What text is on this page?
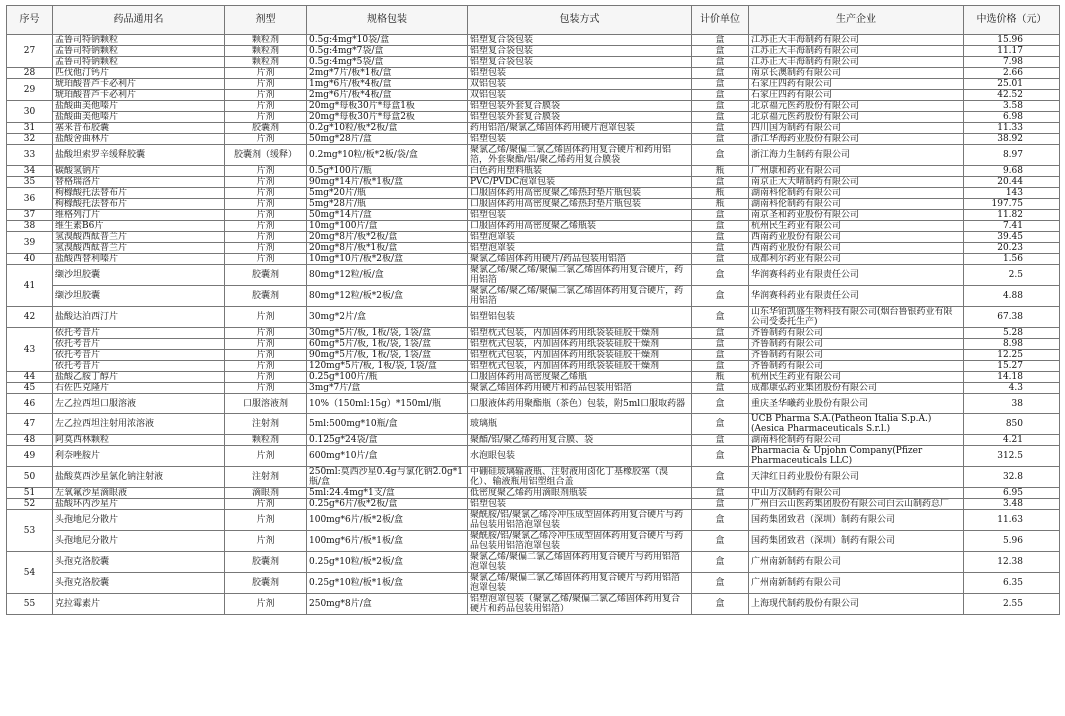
序号	药品通用名	剂型	规格包装	包装方式	计价单位	生产企业	中选价格（元）
27	孟鲁司特钠颗粒	颗粒剂	0.5g:4mg*10袋/盒	铝塑复合袋包装	盒	江苏正大丰海制药有限公司	15.96
	孟鲁司特钠颗粒	颗粒剂	0.5g:4mg*7袋/盒	铝塑复合袋包装	盒	江苏正大丰海制药有限公司	11.17
	孟鲁司特钠颗粒	颗粒剂	0.5g:4mg*5袋/盒	铝塑复合袋包装	盒	江苏正大丰海制药有限公司	7.98
28	匹伐他汀钙片	片剂	2mg*7片/板*1板/盒	铝塑包装	盒	南京长澳制药有限公司	2.66
29	琥珀酸普芦卡必利片	片剂	1mg*6片/板*4板/盒	双铝包装	盒	石家庄四药有限公司	25.01
	琥珀酸普芦卡必利片	片剂	2mg*6片/板*4板/盒	双铝包装	盒	石家庄四药有限公司	42.52
30	盐酸曲美他嗪片	片剂	20mg*每板30片*每盒1板	铝塑包装外套复合膜袋	盒	北京福元医药股份有限公司	3.58
	盐酸曲美他嗪片	片剂	20mg*每板30片*每盒2板	铝塑包装外套复合膜袋	盒	北京福元医药股份有限公司	6.98
31	塞来昔布胶囊	胶囊剂	0.2g*10粒/板*2板/盒	药用铝箔/聚氯乙烯固体药用硬片泡罩包装	盒	四川国为制药有限公司	11.33
32	盐酸舍曲林片	片剂	50mg*28片/盒	铝塑包装	盒	浙江华海药业股份有限公司	38.92
33	盐酸坦索罗辛缓释胶囊	胶囊剂（缓释）	0.2mg*10粒/板*2板/袋/盒	聚氯乙烯/聚偏二氯乙烯固体药用复合硬片和药用铝箔，外套聚酯/铝/聚乙烯药用复合膜袋	盒	浙江海力生制药有限公司	8.97
34	碳酸氢钠片	片剂	0.5g*100片/瓶	白色药用塑料瓶装	瓶	广州康和药业有限公司	9.68
35	替格瑞洛片	片剂	90mg*14片/板*1板/盒	PVC/PVDC泡罩包装	盒	南京正大天晴制药有限公司	20.44
36	枸橼酸托法替布片	片剂	5mg*20片/瓶	口服固体药用高密度聚乙烯热封垫片瓶包装	瓶	湖南科伦制药有限公司	143
	枸橼酸托法替布片	片剂	5mg*28片/瓶	口服固体药用高密度聚乙烯热封垫片瓶包装	瓶	湖南科伦制药有限公司	197.75
37	维格列汀片	片剂	50mg*14片/盒	铝塑包装	盒	南京圣和药业股份有限公司	11.82
38	维生素B6片	片剂	10mg*100片/盒	口服固体药用高密度聚乙烯瓶装	盒	杭州民生药业有限公司	7.41
39	氢溴酸西酞普兰片	片剂	20mg*8片/板*2板/盒	铝塑泡罩装	盒	西南药业股份有限公司	39.45
	氢溴酸西酞普兰片	片剂	20mg*8片/板*1板/盒	铝塑泡罩装	盒	西南药业股份有限公司	20.23
40	盐酸西替利嗪片	片剂	10mg*10片/板*2板/盒	聚氯乙烯固体药用硬片/药品包装用铝箔	盒	成都利尔药业有限公司	1.56
41	缬沙坦胶囊	胶囊剂	80mg*12粒/板/盒	聚氯乙烯/聚乙烯/聚偏二氯乙烯固体药用复合硬片，药用铝箔	盒	华润赛科药业有限责任公司	2.5
	缬沙坦胶囊	胶囊剂	80mg*12粒/板*2板/盒	聚氯乙烯/聚乙烯/聚偏二氯乙烯固体药用复合硬片，药用铝箔	盒	华润赛科药业有限责任公司	4.88
42	盐酸达泊西汀片	片剂	30mg*2片/盒	铝塑铝包装	盒	山东华铂凯盛生物科技有限公司(烟台鲁银药业有限公司受委托生产)	67.38
43	依托考昔片	片剂	30mg*5片/板, 1板/袋, 1袋/盒	铝塑枕式包装，内加固体药用纸袋装硅胶干燥剂	盒	齐鲁制药有限公司	5.28
	依托考昔片	片剂	60mg*5片/板, 1板/袋, 1袋/盒	铝塑枕式包装，内加固体药用纸袋装硅胶干燥剂	盒	齐鲁制药有限公司	8.98
	依托考昔片	片剂	90mg*5片/板, 1板/袋, 1袋/盒	铝塑枕式包装，内加固体药用纸袋装硅胶干燥剂	盒	齐鲁制药有限公司	12.25
	依托考昔片	片剂	120mg*5片/板, 1板/袋, 1袋/盒	铝塑枕式包装，内加固体药用纸袋装硅胶干燥剂	盒	齐鲁制药有限公司	15.27
44	盐酸乙胺丁醇片	片剂	0.25g*100片/瓶	口服固体药用高密度聚乙烯瓶	瓶	杭州民生药业有限公司	14.18
45	右佐匹克隆片	片剂	3mg*7片/盒	聚氯乙烯固体药用硬片和药品包装用铝箔	盒	成都康弘药业集团股份有限公司	4.3
46	左乙拉西坦口服溶液	口服溶液剂	10%（150ml:15g）*150ml/瓶	口服液体药用聚酯瓶（茶色）包装，附5ml口服取药器	盒	重庆圣华曦药业股份有限公司	38
47	左乙拉西坦注射用浓溶液	注射剂	5ml:500mg*10瓶/盒	玻璃瓶	盒	UCB Pharma S.A.(Patheon Italia S.p.A.)(Aesica Pharmaceuticals S.r.l.)	850
48	阿莫西林颗粒	颗粒剂	0.125g*24袋/盒	聚酯/铝/聚乙烯药用复合膜、袋	盒	湖南科伦制药有限公司	4.21
49	利奈唑胺片	片剂	600mg*10片/盒	水泡眼包装	盒	Pharmacia & Upjohn Company(Pfizer Pharmaceuticals LLC)	312.5
50	盐酸莫西沙星氯化钠注射液	注射剂	250ml:莫西沙星0.4g与氯化钠2.0g*1瓶/盒	中硼硅玻璃输液瓶、注射液用卤化丁基橡胶塞（溴化）、输液瓶用铝塑组合盖	盒	天津红日药业股份有限公司	32.8
51	左氧氟沙星滴眼液	滴眼剂	5ml:24.4mg*1支/盒	低密度聚乙烯药用滴眼剂瓶装	盒	中山万汉制药有限公司	6.95
52	盐酸环丙沙星片	片剂	0.25g*6片/板*2板/盒	铝塑包装	盒	广州白云山医药集团股份有限公司白云山制药总厂	3.48
53	头孢地尼分散片	片剂	100mg*6片/板*2板/盒	聚酰胺/铝/聚氯乙烯冷冲压成型固体药用复合硬片与药品包装用铝箔泡罩包装	盒	国药集团致君（深圳）制药有限公司	11.63
	头孢地尼分散片	片剂	100mg*6片/板*1板/盒	聚酰胺/铝/聚氯乙烯冷冲压成型固体药用复合硬片与药品包装用铝箔泡罩包装	盒	国药集团致君（深圳）制药有限公司	5.96
54	头孢克洛胶囊	胶囊剂	0.25g*10粒/板*2板/盒	聚氯乙烯/聚偏二氯乙烯固体药用复合硬片与药用铝箔泡罩包装	盒	广州南新制药有限公司	12.38
	头孢克洛胶囊	胶囊剂	0.25g*10粒/板*1板/盒	聚氯乙烯/聚偏二氯乙烯固体药用复合硬片与药用铝箔泡罩包装	盒	广州南新制药有限公司	6.35
55	克拉霉素片	片剂	250mg*8片/盒	铝塑泡罩包装（聚氯乙烯/聚偏二氯乙烯固体药用复合硬片和药品包装用铝箔）	盒	上海现代制药股份有限公司	2.55
